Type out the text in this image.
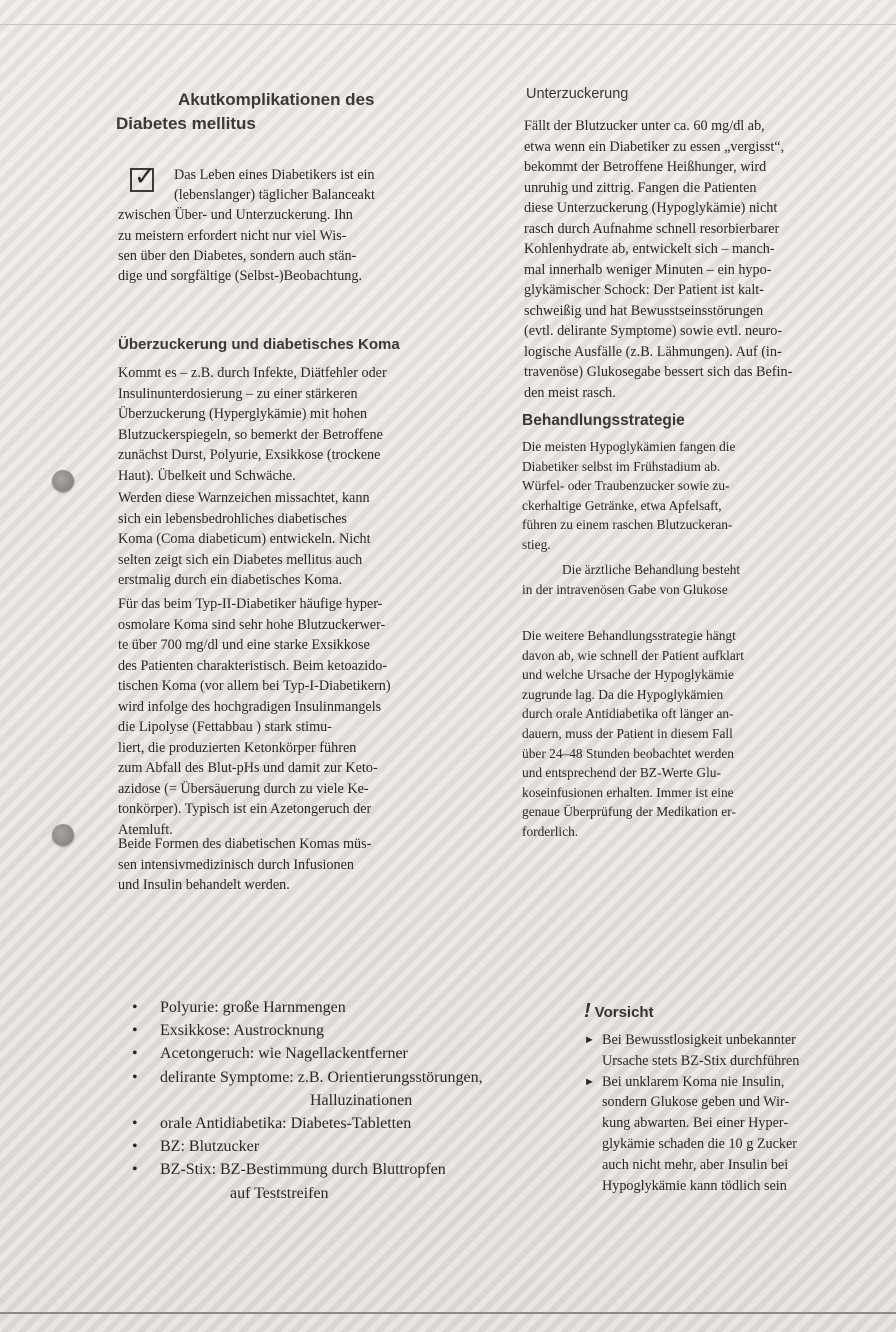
Akutkomplikationen des
Diabetes mellitus
✓	Das Leben eines Diabetikers ist ein

(lebenslanger) täglicher Balanceakt

zwischen Über- und Unterzuckerung. Ihn

zu meistern erfordert nicht nur viel Wis-

sen über den Diabetes, sondern auch stän-

dige und sorgfältige (Selbst-)Beobachtung.

Überzuckerung und diabetisches Koma

Kommt es – z.B. durch Infekte, Diätfehler oder

Insulinunterdosierung – zu einer stärkeren

Überzuckerung (Hyperglykämie) mit hohen

Blutzuckerspiegeln, so bemerkt der Betroffene

zunächst Durst, Polyurie, Exsikkose (trockene

Haut). Übelkeit und Schwäche.

Werden diese Warnzeichen missachtet, kann

sich ein lebensbedrohliches diabetisches

Koma (Coma diabeticum) entwickeln. Nicht

selten zeigt sich ein Diabetes mellitus auch

erstmalig durch ein diabetisches Koma.

Für das beim Typ-II-Diabetiker häufige hyper-

osmolare Koma sind sehr hohe Blutzuckerwer-

te über 700 mg/dl und eine starke Exsikkose

des Patienten charakteristisch. Beim ketoazido-

tischen Koma (vor allem bei Typ-I-Diabetikern)

wird infolge des hochgradigen Insulinmangels

die Lipolyse (Fettabbau ) stark stimu-

liert, die produzierten Ketonkörper führen

zum Abfall des Blut-pHs und damit zur Keto-

azidose (= Übersäuerung durch zu viele Ke-

tonkörper). Typisch ist ein Azetongeruch der

Atemluft.

Beide Formen des diabetischen Komas müs-

sen intensivmedizinisch durch Infusionen

und Insulin behandelt werden.

Unterzuckerung

Fällt der Blutzucker unter ca. 60 mg/dl ab,

etwa wenn ein Diabetiker zu essen „vergisst“,

bekommt der Betroffene Heißhunger, wird

unruhig und zittrig. Fangen die Patienten

diese Unterzuckerung (Hypoglykämie) nicht

rasch durch Aufnahme schnell resorbierbarer

Kohlenhydrate ab, entwickelt sich – manch-

mal innerhalb weniger Minuten – ein hypo-

glykämischer Schock: Der Patient ist kalt-

schweißig und hat Bewusstseinsstörungen

(evtl. delirante Symptome) sowie evtl. neuro-

logische Ausfälle (z.B. Lähmungen). Auf (in-

travenöse) Glukosegabe bessert sich das Befin-

den meist rasch.

Behandlungsstrategie

Die meisten Hypoglykämien fangen die

Diabetiker selbst im Frühstadium ab.

Würfel- oder Traubenzucker sowie zu-

ckerhaltige Getränke, etwa Apfelsaft,

führen zu einem raschen Blutzuckeran-

stieg.

Die ärztliche Behandlung besteht

in der intravenösen Gabe von Glukose

Die weitere Behandlungsstrategie hängt

davon ab, wie schnell der Patient aufklart

und welche Ursache der Hypoglykämie

zugrunde lag. Da die Hypoglykämien

durch orale Antidiabetika oft länger an-

dauern, muss der Patient in diesem Fall

über 24–48 Stunden beobachtet werden

und entsprechend der BZ-Werte Glu-

koseinfusionen erhalten. Immer ist eine

genaue Überprüfung der Medikation er-

forderlich.

• Polyurie: große Harnmengen
• Exsikkose: Austrocknung
• Acetongeruch: wie Nagellackentferner
• delirante Symptome: z.B. Orientierungsstörungen,
Halluzinationen
• orale Antidiabetika: Diabetes-Tabletten
• BZ: Blutzucker
• BZ-Stix: BZ-Bestimmung durch Bluttropfen
auf Teststreifen
! Vorsicht
► Bei Bewusstlosigkeit unbekannter
Ursache stets BZ-Stix durchführen
► Bei unklarem Koma nie Insulin,
sondern Glukose geben und Wir-
kung abwarten. Bei einer Hyper-
glykämie schaden die 10 g Zucker
auch nicht mehr, aber Insulin bei
Hypoglykämie kann tödlich sein
